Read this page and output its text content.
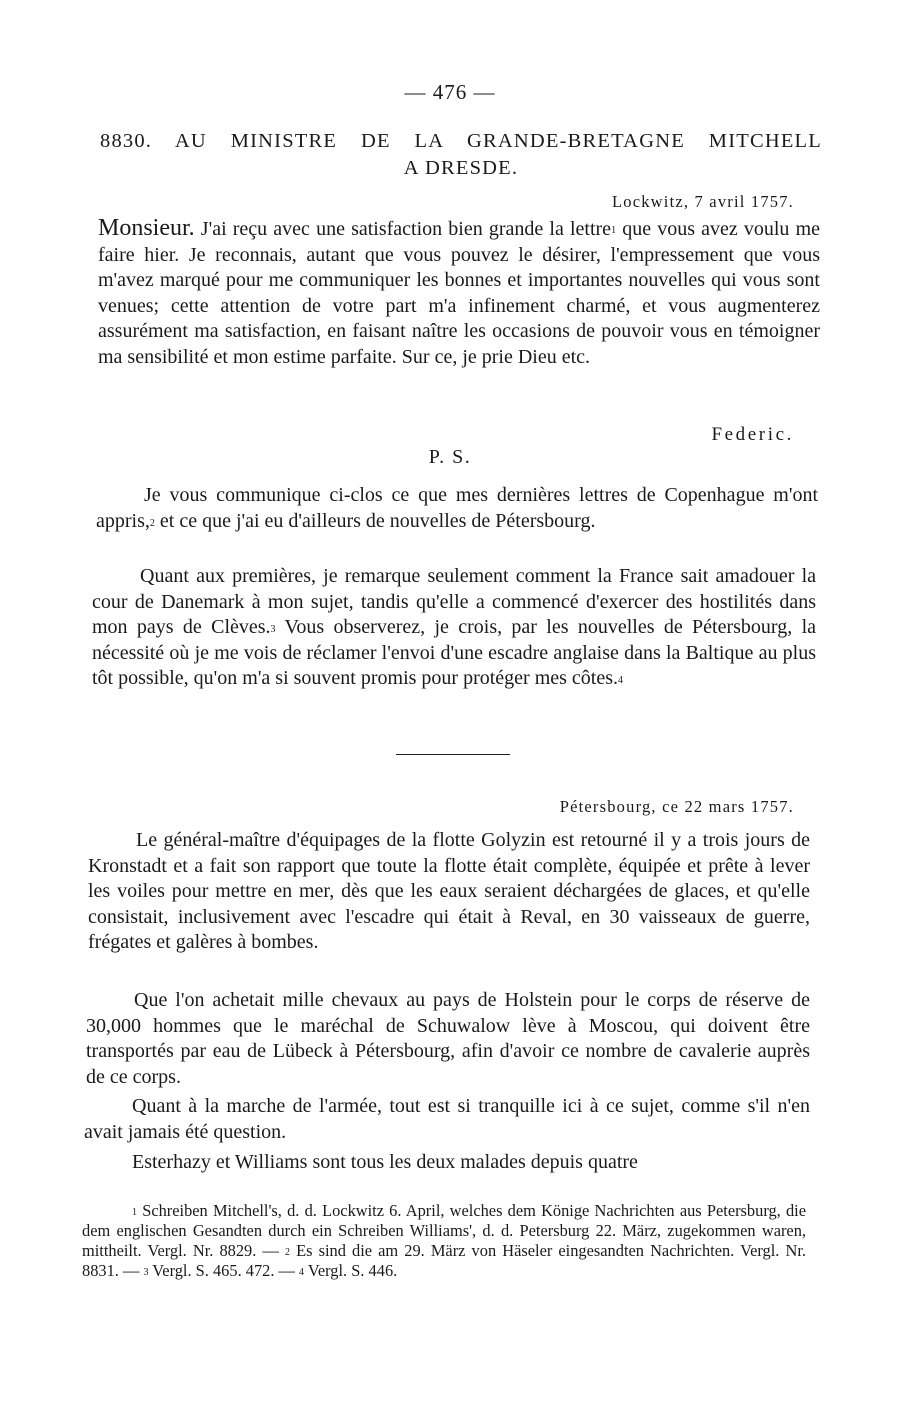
— 476 —
8830. AU MINISTRE DE LA GRANDE-BRETAGNE MITCHELL
A DRESDE.
Lockwitz, 7 avril 1757.
Monsieur. J'ai reçu avec une satisfaction bien grande la lettre$^1$ que vous avez voulu me faire hier. Je reconnais, autant que vous pouvez le désirer, l'empressement que vous m'avez marqué pour me communiquer les bonnes et importantes nouvelles qui vous sont venues; cette attention de votre part m'a infinement charmé, et vous augmenterez assurément ma satisfaction, en faisant naître les occasions de pouvoir vous en témoigner ma sensibilité et mon estime parfaite. Sur ce, je prie Dieu etc.
Federic.
P. S.
Je vous communique ci-clos ce que mes dernières lettres de Copenhague m'ont appris,$^2$ et ce que j'ai eu d'ailleurs de nouvelles de Pétersbourg.
Quant aux premières, je remarque seulement comment la France sait amadouer la cour de Danemark à mon sujet, tandis qu'elle a commencé d'exercer des hostilités dans mon pays de Clèves.$^3$ Vous observerez, je crois, par les nouvelles de Pétersbourg, la nécessité où je me vois de réclamer l'envoi d'une escadre anglaise dans la Baltique au plus tôt possible, qu'on m'a si souvent promis pour protéger mes côtes.$^4$
Pétersbourg, ce 22 mars 1757.
Le général-maître d'équipages de la flotte Golyzin est retourné il y a trois jours de Kronstadt et a fait son rapport que toute la flotte était complète, équipée et prête à lever les voiles pour mettre en mer, dès que les eaux seraient déchargées de glaces, et qu'elle consistait, inclusivement avec l'escadre qui était à Reval, en 30 vaisseaux de guerre, frégates et galères à bombes.
Que l'on achetait mille chevaux au pays de Holstein pour le corps de réserve de 30,000 hommes que le maréchal de Schuwalow lève à Moscou, qui doivent être transportés par eau de Lübeck à Pétersbourg, afin d'avoir ce nombre de cavalerie auprès de ce corps.
Quant à la marche de l'armée, tout est si tranquille ici à ce sujet, comme s'il n'en avait jamais été question.
Esterhazy et Williams sont tous les deux malades depuis quatre
$^1$ Schreiben Mitchell's, d. d. Lockwitz 6. April, welches dem Könige Nachrichten aus Petersburg, die dem englischen Gesandten durch ein Schreiben Williams', d. d. Petersburg 22. März, zugekommen waren, mittheilt. Vergl. Nr. 8829. — $^2$ Es sind die am 29. März von Häseler eingesandten Nachrichten. Vergl. Nr. 8831. — $^3$ Vergl. S. 465. 472. — $^4$ Vergl. S. 446.
